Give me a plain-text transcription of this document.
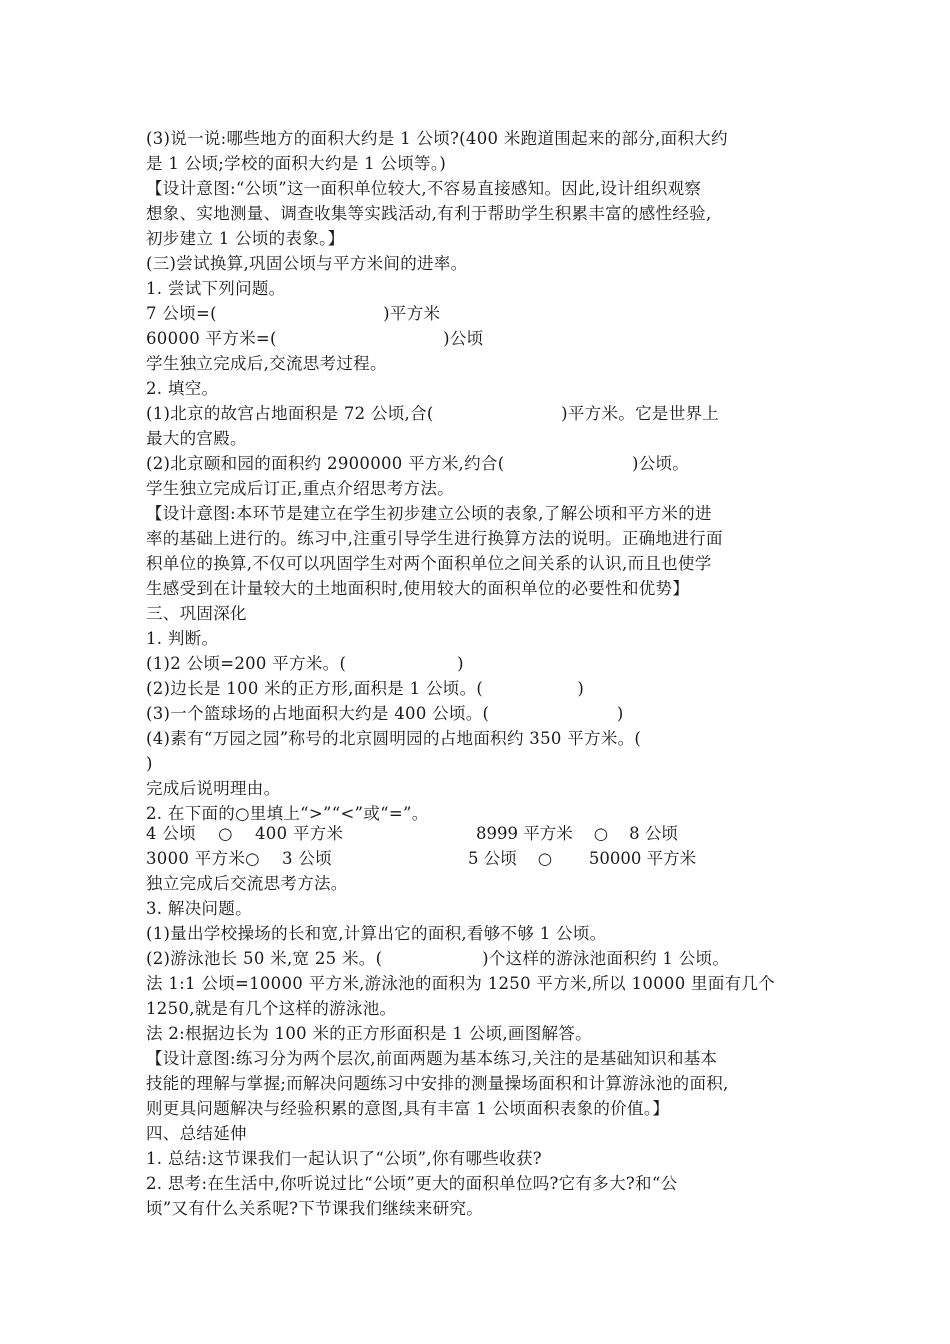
(3)说一说:哪些地方的面积大约是 1 公顷?(400 米跑道围起来的部分,面积大约
是 1 公顷;学校的面积大约是 1 公顷等。)
【设计意图:“公顷”这一面积单位较大,不容易直接感知。因此,设计组织观察
想象、实地测量、调查收集等实践活动,有利于帮助学生积累丰富的感性经验,
初步建立 1 公顷的表象。】
(三)尝试换算,巩固公顷与平方米间的进率。
1. 尝试下列问题。
7 公顷=(                              )平方米
60000 平方米=(                              )公顷
学生独立完成后,交流思考过程。
2. 填空。
(1)北京的故宫占地面积是 72 公顷,合(                       )平方米。它是世界上
最大的宫殿。
(2)北京颐和园的面积约 2900000 平方米,约合(                       )公顷。
学生独立完成后订正,重点介绍思考方法。
【设计意图:本环节是建立在学生初步建立公顷的表象,了解公顷和平方米的进
率的基础上进行的。练习中,注重引导学生进行换算方法的说明。正确地进行面
积单位的换算,不仅可以巩固学生对两个面积单位之间关系的认识,而且也使学
生感受到在计量较大的土地面积时,使用较大的面积单位的必要性和优势】
三、巩固深化
1. 判断。
(1)2 公顷=200 平方米。(                    )
(2)边长是 100 米的正方形,面积是 1 公顷。(                 )
(3)一个篮球场的占地面积大约是 400 公顷。(                       )
(4)素有“万园之园”称号的北京圆明园的占地面积约 350 平方米。(
)
完成后说明理由。
2. 在下面的○里填上“>”“<”或“=”。
3. 解决问题。
(1)量出学校操场的长和宽,计算出它的面积,看够不够 1 公顷。
(2)游泳池长 50 米,宽 25 米。(                  )个这样的游泳池面积约 1 公顷。
法 1:1 公顷=10000 平方米,游泳池的面积为 1250 平方米,所以 10000 里面有几个
1250,就是有几个这样的游泳池。
法 2:根据边长为 100 米的正方形面积是 1 公顷,画图解答。
【设计意图:练习分为两个层次,前面两题为基本练习,关注的是基础知识和基本
技能的理解与掌握;而解决问题练习中安排的测量操场面积和计算游泳池的面积,
则更具问题解决与经验积累的意图,具有丰富 1 公顷面积表象的价值。】
四、总结延伸
1. 总结:这节课我们一起认识了“公顷”,你有哪些收获?
2. 思考:在生活中,你听说过比“公顷”更大的面积单位吗?它有多大?和“公
顷”又有什么关系呢?下节课我们继续来研究。
4 公顷    ○    400 平方米	8999 平方米    ○    8 公顷
3000 平方米○    3 公顷	5 公顷    ○       50000 平方米
独立完成后交流思考方法。
